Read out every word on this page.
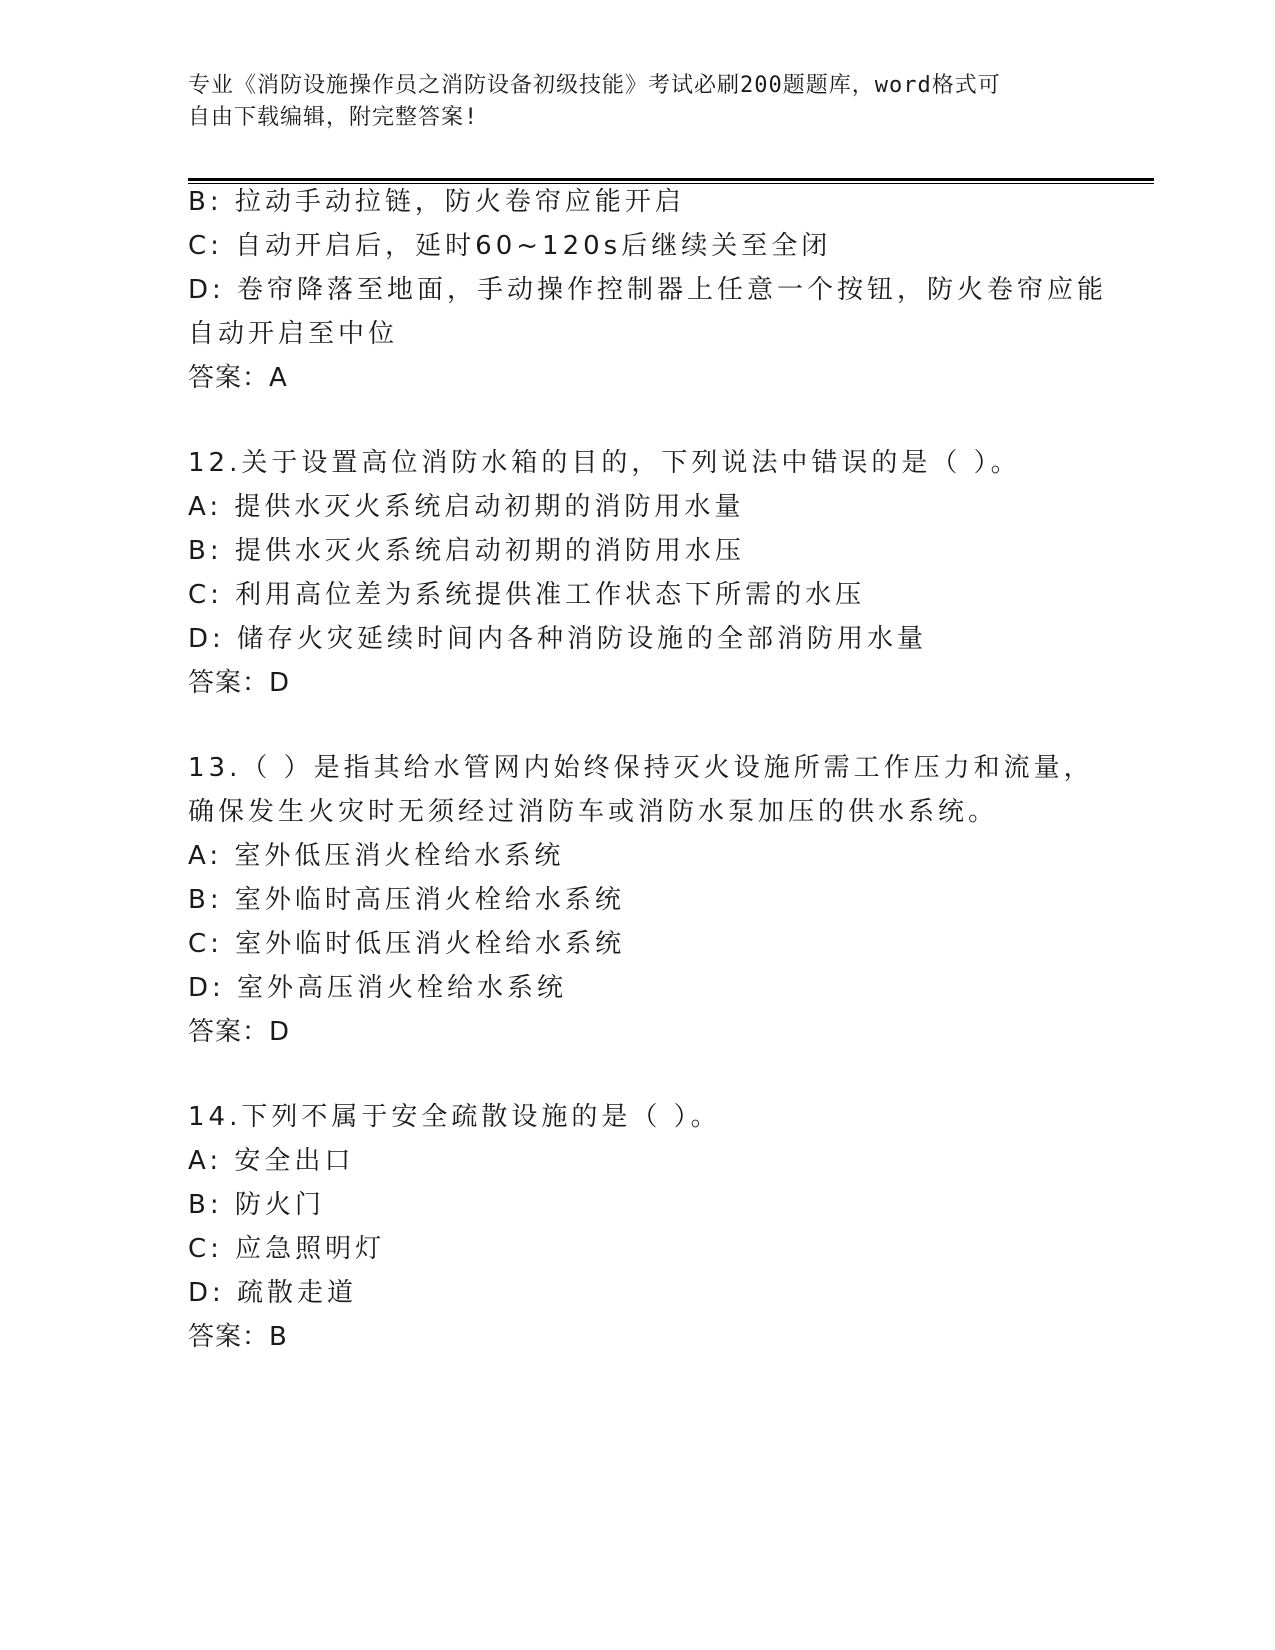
专业《消防设施操作员之消防设备初级技能》考试必刷200题题库，word格式可
自由下载编辑，附完整答案!
B: 拉动手动拉链，防火卷帘应能开启
C: 自动开启后，延时60~120s后继续关至全闭
D: 卷帘降落至地面，手动操作控制器上任意一个按钮，防火卷帘应能
自动开启至中位
答案：A
12.关于设置高位消防水箱的目的，下列说法中错误的是（ ）。
A: 提供水灭火系统启动初期的消防用水量
B: 提供水灭火系统启动初期的消防用水压
C: 利用高位差为系统提供准工作状态下所需的水压
D: 储存火灾延续时间内各种消防设施的全部消防用水量
答案：D
13.（ ）是指其给水管网内始终保持灭火设施所需工作压力和流量，
确保发生火灾时无须经过消防车或消防水泵加压的供水系统。
A: 室外低压消火栓给水系统
B: 室外临时高压消火栓给水系统
C: 室外临时低压消火栓给水系统
D: 室外高压消火栓给水系统
答案：D
14.下列不属于安全疏散设施的是（ ）。
A: 安全出口
B: 防火门
C: 应急照明灯
D: 疏散走道
答案：B
